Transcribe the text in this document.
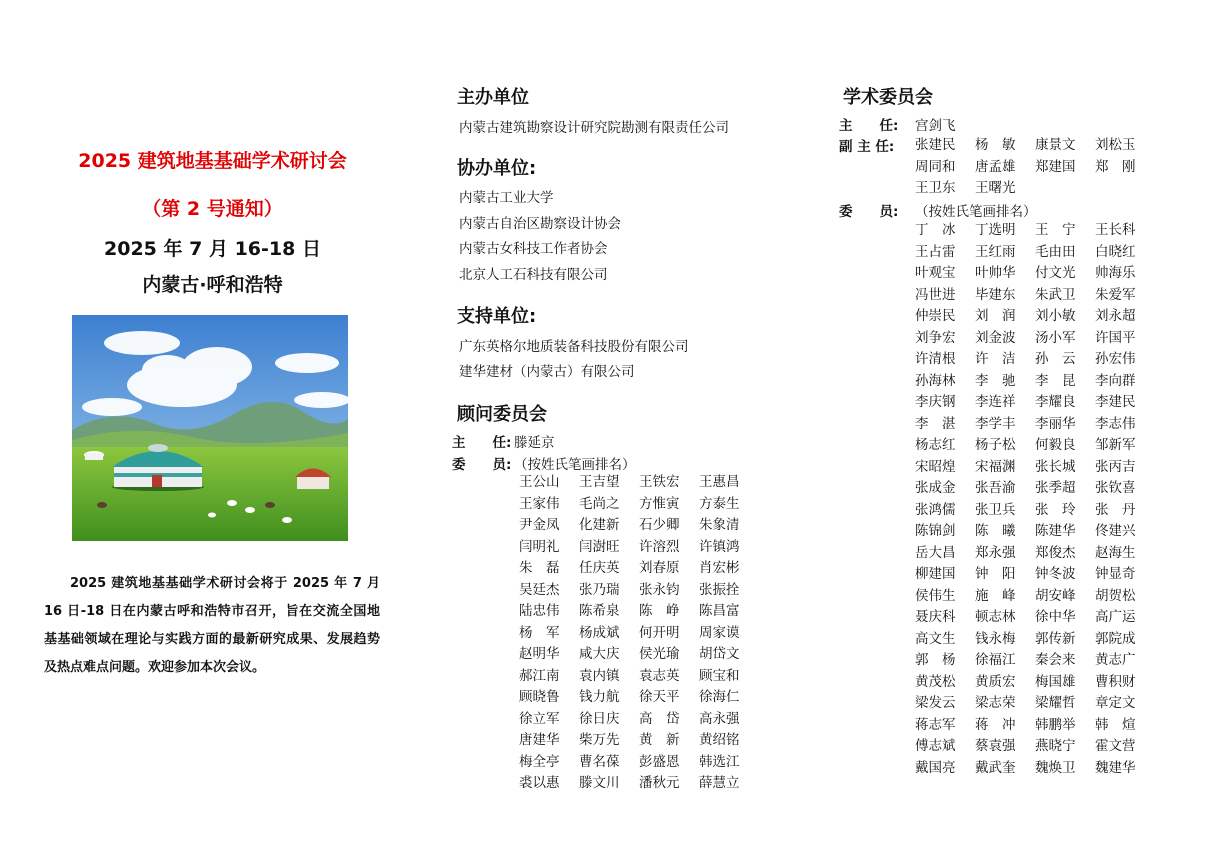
2025 建筑地基基础学术研讨会
（第 2 号通知）
2025 年 7 月 16-18 日
内蒙古·呼和浩特
2025 建筑地基基础学术研讨会将于 2025 年 7 月 16 日-18 日在内蒙古呼和浩特市召开，旨在交流全国地基基础领域在理论与实践方面的最新研究成果、发展趋势及热点难点问题。欢迎参加本次会议。
主办单位
内蒙古建筑勘察设计研究院勘测有限责任公司
协办单位:
内蒙古工业大学
内蒙古自治区勘察设计协会
内蒙古女科技工作者协会
北京人工石科技有限公司
支持单位:
广东英格尔地质装备科技股份有限公司
建华建材（内蒙古）有限公司
顾问委员会
主　　任: 滕延京
委　　员: （按姓氏笔画排名）
王公山	王吉望	王铁宏	王惠昌
王家伟	毛尚之	方惟寅	方泰生
尹金凤	化建新	石少卿	朱象清
闫明礼	闫澍旺	许溶烈	许镇鸿
朱　磊	任庆英	刘春原	肖宏彬
吴廷杰	张乃瑞	张永钧	张振拴
陆忠伟	陈希泉	陈　峥	陈昌富
杨　军	杨成斌	何开明	周家谟
赵明华	咸大庆	侯光瑜	胡岱文
郝江南	袁内镇	袁志英	顾宝和
顾晓鲁	钱力航	徐天平	徐海仁
徐立军	徐日庆	高　岱	高永强
唐建华	柴万先	黄　新	黄绍铭
梅全亭	曹名葆	彭盛恩	韩选江
裘以惠	滕文川	潘秋元	薛慧立
学术委员会
主　　任:	宫剑飞
副 主 任:	张建民	杨　敏	康景文	刘松玉
周同和	唐孟雄	郑建国	郑　刚
王卫东	王曙光
委　　员:	（按姓氏笔画排名）
丁　冰	丁选明	王　宁	王长科
王占雷	王红雨	毛由田	白晓红
叶观宝	叶帅华	付文光	帅海乐
冯世进	毕建东	朱武卫	朱爱军
仲崇民	刘　润	刘小敏	刘永超
刘争宏	刘金波	汤小军	许国平
许清根	许　洁	孙　云	孙宏伟
孙海林	李　驰	李　昆	李向群
李庆钢	李连祥	李耀良	李建民
李　湛	李学丰	李丽华	李志伟
杨志红	杨子松	何毅良	邹新军
宋昭煌	宋福渊	张长城	张丙吉
张成金	张吾渝	张季超	张钦喜
张鸿儒	张卫兵	张　玲	张　丹
陈锦剑	陈　曦	陈建华	佟建兴
岳大昌	郑永强	郑俊杰	赵海生
柳建国	钟　阳	钟冬波	钟显奇
侯伟生	施　峰	胡安峰	胡贺松
聂庆科	顿志林	徐中华	高广运
高文生	钱永梅	郭传新	郭院成
郭　杨	徐福江	秦会来	黄志广
黄茂松	黄质宏	梅国雄	曹积财
梁发云	梁志荣	梁耀哲	章定文
蒋志军	蒋　冲	韩鹏举	韩　煊
傅志斌	蔡袁强	燕晓宁	霍文营
戴国亮	戴武奎	魏焕卫	魏建华
